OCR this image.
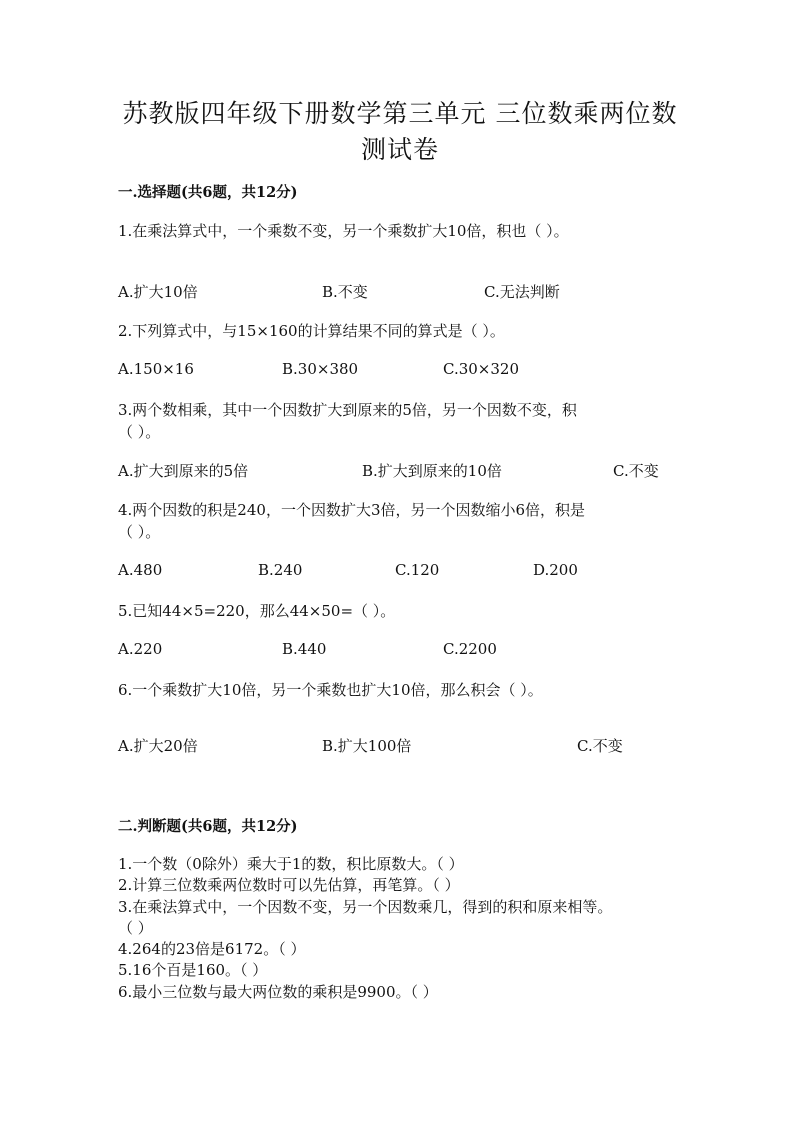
苏教版四年级下册数学第三单元 三位数乘两位数
测试卷
一.选择题(共6题，共12分)
1.在乘法算式中，一个乘数不变，另一个乘数扩大10倍，积也（ ）。
A.扩大10倍	B.不变	C.无法判断
2.下列算式中，与15×160的计算结果不同的算式是（ ）。
A.150×16	B.30×380	C.30×320
3.两个数相乘，其中一个因数扩大到原来的5倍，另一个因数不变，积
（ ）。
A.扩大到原来的5倍	B.扩大到原来的10倍	C.不变
4.两个因数的积是240，一个因数扩大3倍，另一个因数缩小6倍，积是
（ ）。
A.480	B.240	C.120	D.200
5.已知44×5=220，那么44×50=（ ）。
A.220	B.440	C.2200
6.一个乘数扩大10倍，另一个乘数也扩大10倍，那么积会（ ）。
A.扩大20倍	B.扩大100倍	C.不变
二.判断题(共6题，共12分)
1.一个数（0除外）乘大于1的数，积比原数大。（ ）
2.计算三位数乘两位数时可以先估算，再笔算。（ ）
3.在乘法算式中，一个因数不变，另一个因数乘几，得到的积和原来相等。
（ ）
4.264的23倍是6172。（ ）
5.16个百是160。（ ）
6.最小三位数与最大两位数的乘积是9900。（ ）
